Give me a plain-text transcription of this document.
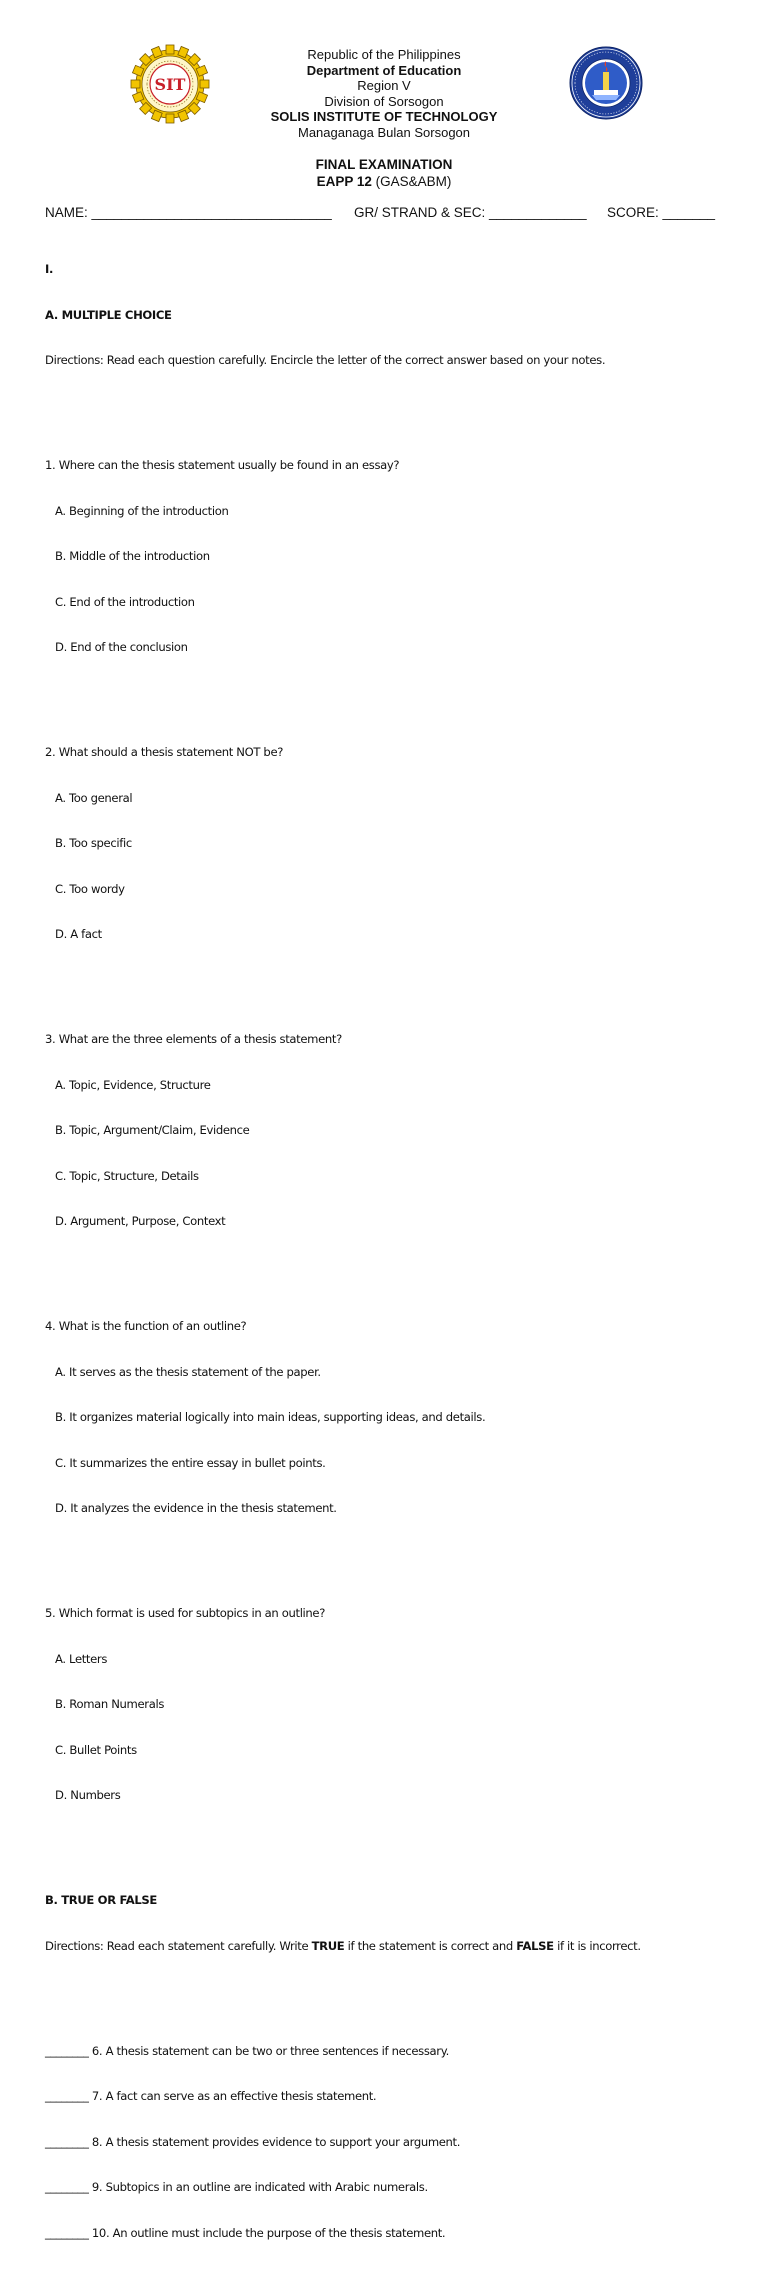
SIT
Republic of the Philippines
Department of Education
Region V
Division of Sorsogon
SOLIS INSTITUTE OF TECHNOLOGY
Managanaga Bulan Sorsogon
FINAL EXAMINATION
EAPP 12 (GAS&ABM)
NAME: ________________________________ GR/ STRAND & SEC: _____________ SCORE: _______

I.

A. MULTIPLE CHOICE

Directions: Read each question carefully. Encircle the letter of the correct answer based on your notes.

1. Where can the thesis statement usually be found in an essay?

A. Beginning of the introduction

B. Middle of the introduction

C. End of the introduction

D. End of the conclusion

2. What should a thesis statement NOT be?

A. Too general

B. Too specific

C. Too wordy

D. A fact

3. What are the three elements of a thesis statement?

A. Topic, Evidence, Structure

B. Topic, Argument/Claim, Evidence

C. Topic, Structure, Details

D. Argument, Purpose, Context

4. What is the function of an outline?

A. It serves as the thesis statement of the paper.

B. It organizes material logically into main ideas, supporting ideas, and details.

C. It summarizes the entire essay in bullet points.

D. It analyzes the evidence in the thesis statement.

5. Which format is used for subtopics in an outline?

A. Letters

B. Roman Numerals

C. Bullet Points

D. Numbers

B. TRUE OR FALSE

Directions: Read each statement carefully. Write TRUE if the statement is correct and FALSE if it is incorrect.

________ 6. A thesis statement can be two or three sentences if necessary.

________ 7. A fact can serve as an effective thesis statement.

________ 8. A thesis statement provides evidence to support your argument.

________ 9. Subtopics in an outline are indicated with Arabic numerals.

________ 10. An outline must include the purpose of the thesis statement.
